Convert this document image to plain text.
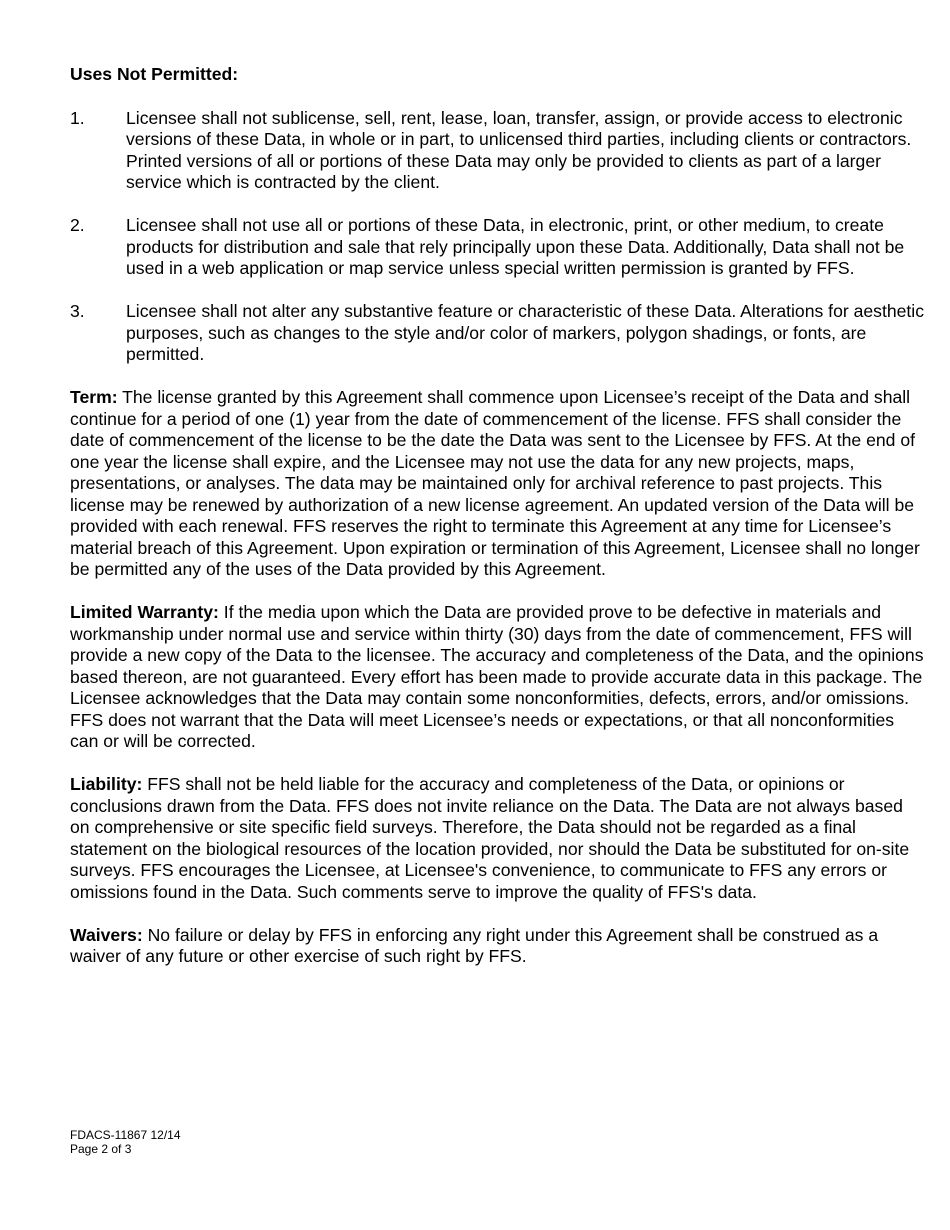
Uses Not Permitted:
1.	Licensee shall not sublicense, sell, rent, lease, loan, transfer, assign, or provide access to electronic versions of these Data, in whole or in part, to unlicensed third parties, including clients or contractors. Printed versions of all or portions of these Data may only be provided to clients as part of a larger service which is contracted by the client.
2.	Licensee shall not use all or portions of these Data, in electronic, print, or other medium, to create products for distribution and sale that rely principally upon these Data. Additionally, Data shall not be used in a web application or map service unless special written permission is granted by FFS.
3.	Licensee shall not alter any substantive feature or characteristic of these Data. Alterations for aesthetic purposes, such as changes to the style and/or color of markers, polygon shadings, or fonts, are permitted.

Term: The license granted by this Agreement shall commence upon Licensee’s receipt of the Data and shall continue for a period of one (1) year from the date of commencement of the license. FFS shall consider the date of commencement of the license to be the date the Data was sent to the Licensee by FFS. At the end of one year the license shall expire, and the Licensee may not use the data for any new projects, maps, presentations, or analyses. The data may be maintained only for archival reference to past projects. This license may be renewed by authorization of a new license agreement. An updated version of the Data will be provided with each renewal. FFS reserves the right to terminate this Agreement at any time for Licensee’s material breach of this Agreement. Upon expiration or termination of this Agreement, Licensee shall no longer be permitted any of the uses of the Data provided by this Agreement.

Limited Warranty: If the media upon which the Data are provided prove to be defective in materials and workmanship under normal use and service within thirty (30) days from the date of commencement, FFS will provide a new copy of the Data to the licensee. The accuracy and completeness of the Data, and the opinions based thereon, are not guaranteed. Every effort has been made to provide accurate data in this package. The Licensee acknowledges that the Data may contain some nonconformities, defects, errors, and/or omissions. FFS does not warrant that the Data will meet Licensee’s needs or expectations, or that all nonconformities can or will be corrected.

Liability: FFS shall not be held liable for the accuracy and completeness of the Data, or opinions or conclusions drawn from the Data. FFS does not invite reliance on the Data. The Data are not always based on comprehensive or site specific field surveys. Therefore, the Data should not be regarded as a final statement on the biological resources of the location provided, nor should the Data be substituted for on-site surveys. FFS encourages the Licensee, at Licensee's convenience, to communicate to FFS any errors or omissions found in the Data. Such comments serve to improve the quality of FFS's data.

Waivers: No failure or delay by FFS in enforcing any right under this Agreement shall be construed as a waiver of any future or other exercise of such right by FFS.

FDACS-11867 12/14
Page 2 of 3
